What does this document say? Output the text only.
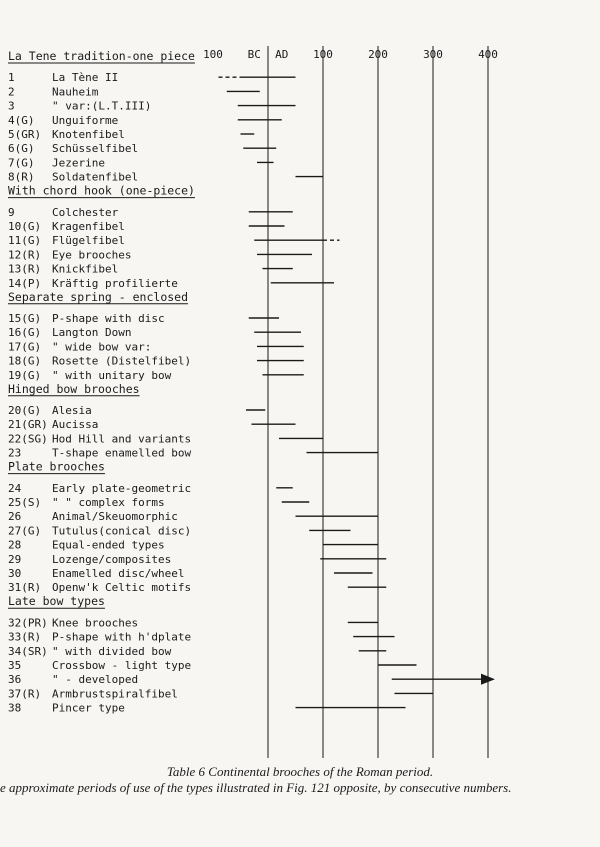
100 BC AD 100	200	300	400
La Tene tradition-one piece
1	La Tène II
2	Nauheim
3	" var:(L.T.III)
4(G) Unguiforme
5(GR) Knotenfibel
6(G) Schüsselfibel
7(G) Jezerine
8(R) Soldatenfibel
With chord hook (one-piece)
9	Colchester
10(G) Kragenfibel
11(G) Flügelfibel
12(R) Eye brooches
13(R) Knickfibel
14(P) Kräftig profilierte
Separate spring - enclosed
15(G) P-shape with disc
16(G) Langton Down
17(G) " wide bow var:
18(G) Rosette (Distelfibel)
19(G) " with unitary bow
Hinged bow brooches
20(G) Alesia
21(GR) Aucissa
22(SG) Hod Hill and variants
23	T-shape enamelled bow
Plate brooches
24	Early plate-geometric
25(S) " " complex forms
26	Animal/Skeuomorphic
27(G) Tutulus(conical disc)
28	Equal-ended types
29	Lozenge/composites
30	Enamelled disc/wheel
31(R) Openw'k Celtic motifs
Late bow types
32(PR) Knee brooches
33(R) P-shape with h'dplate
34(SR) " with divided bow
35	Crossbow - light type
36	" - developed
37(R) Armbrustspiralfibel
38	Pincer type
Table 6 Continental brooches of the Roman period.
e approximate periods of use of the types illustrated in Fig. 121 opposite, by consecutive numbers.
